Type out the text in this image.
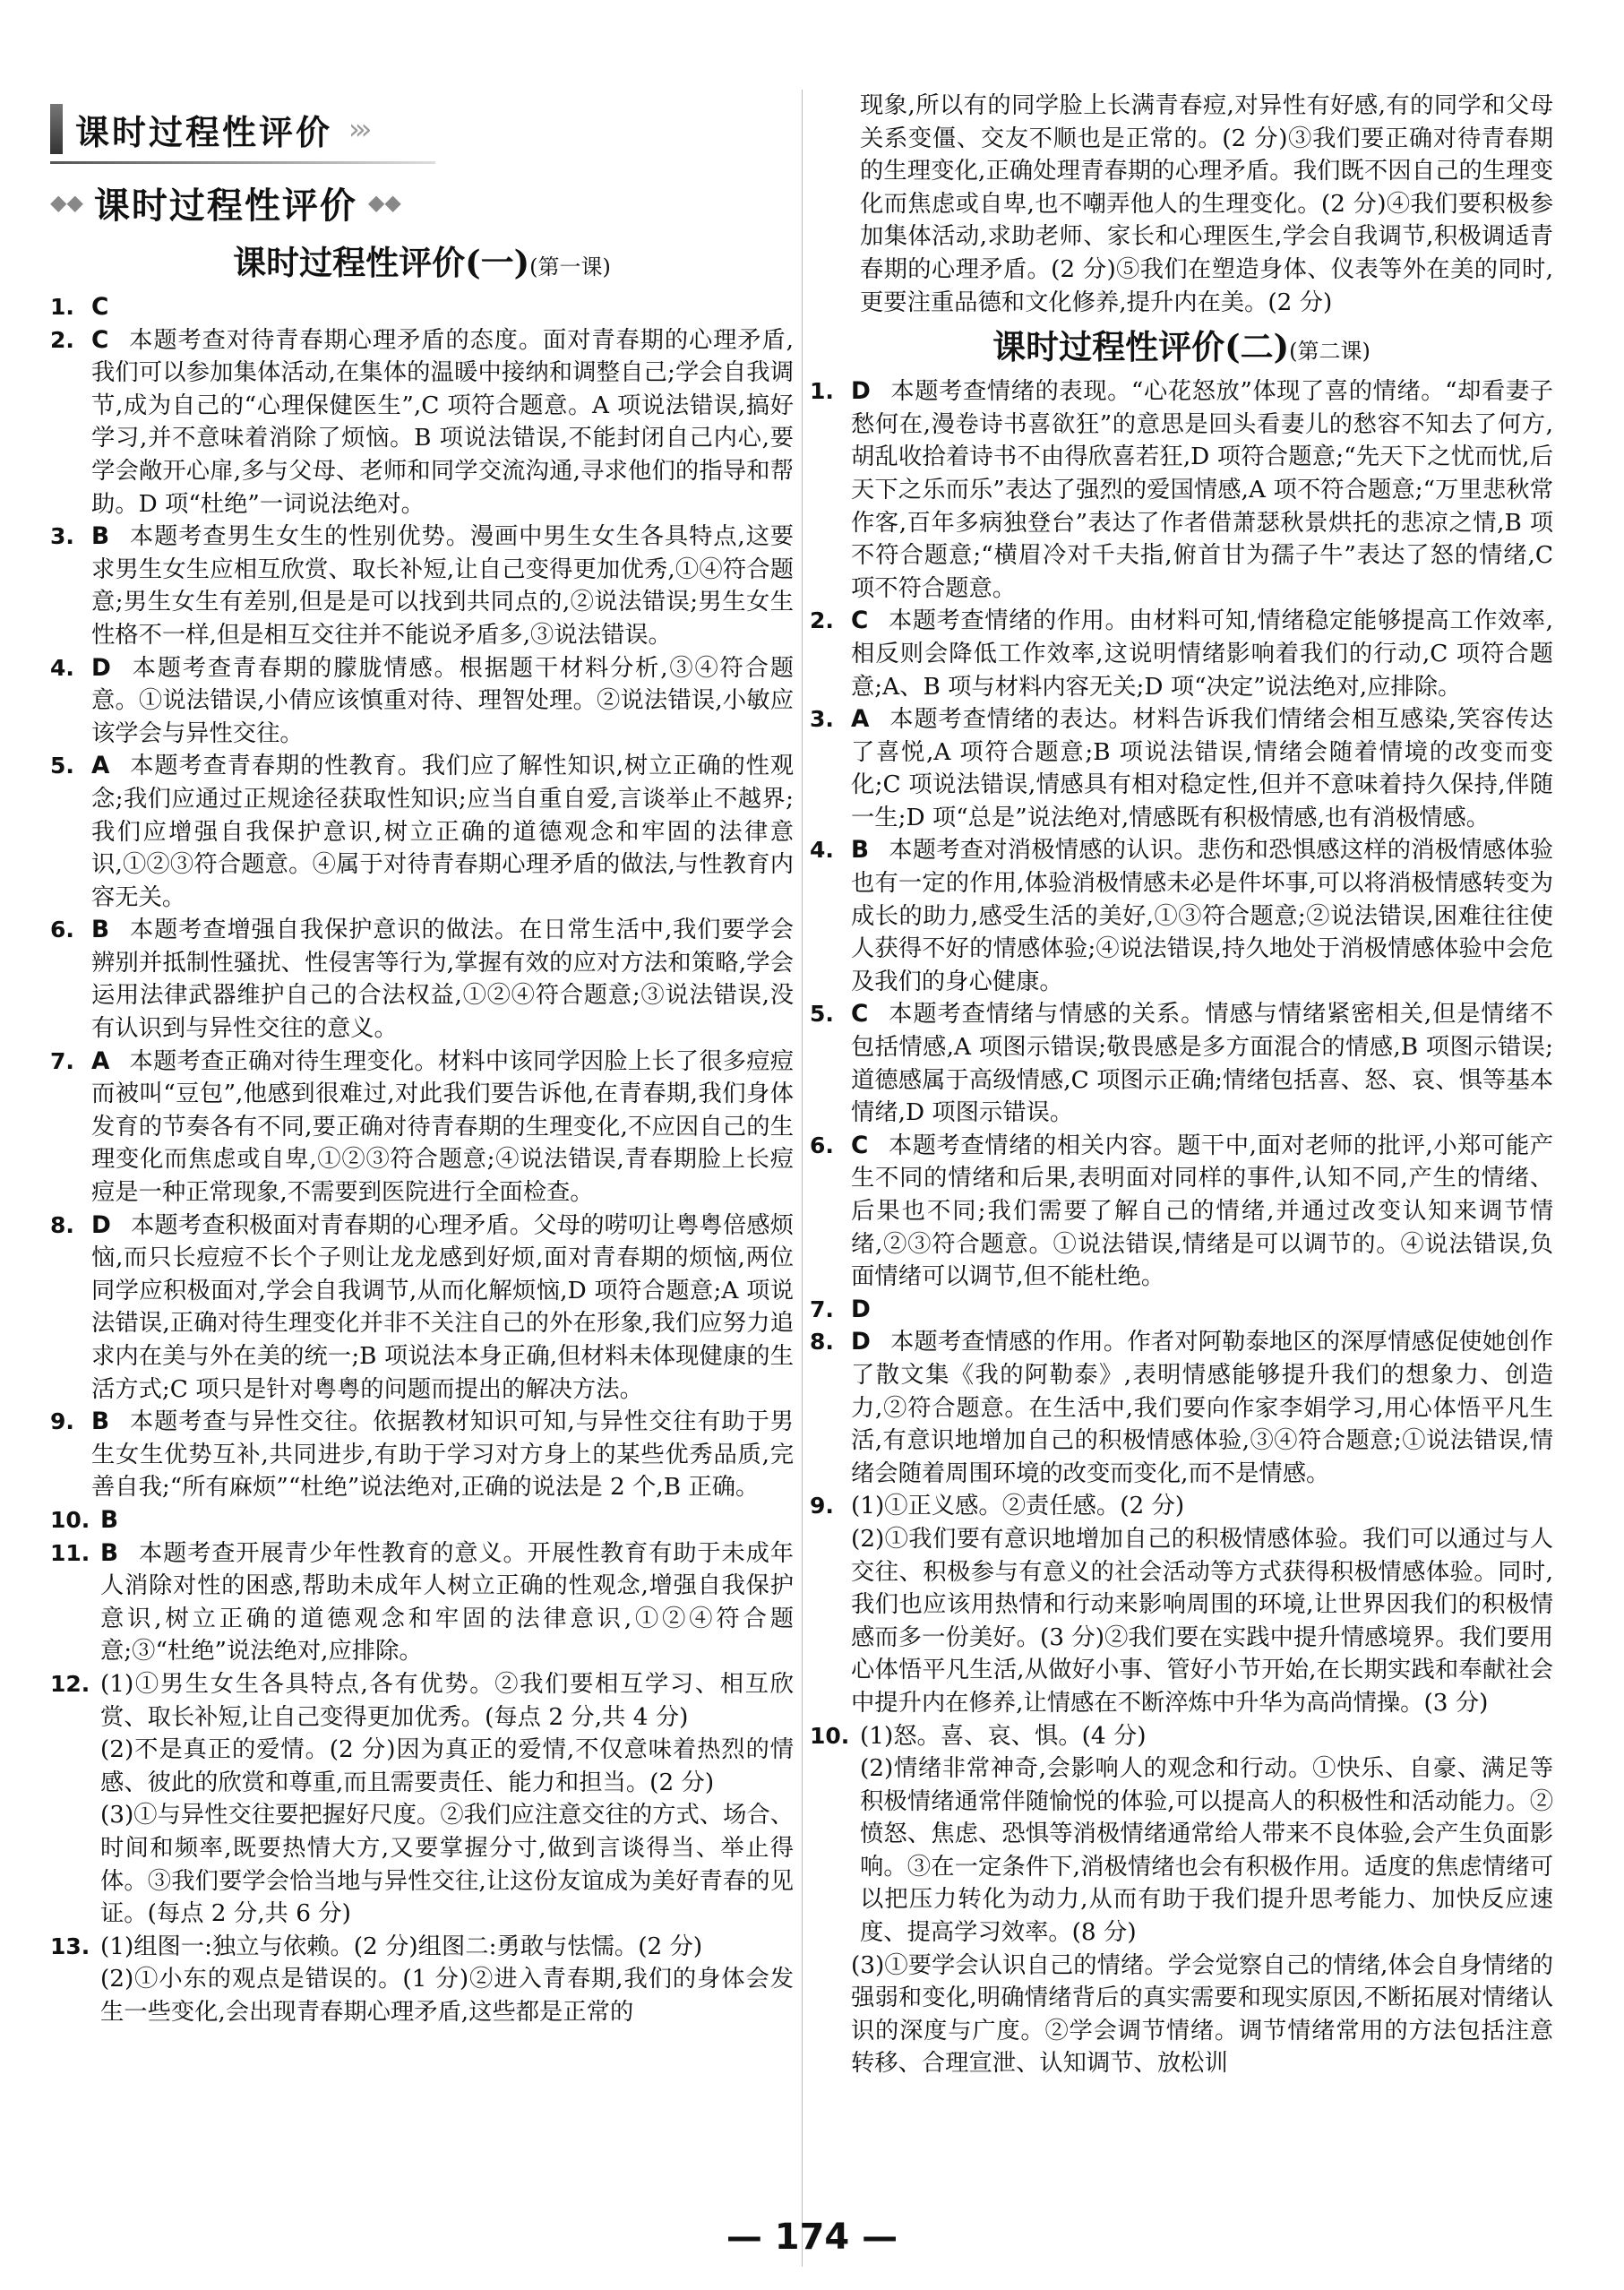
课时过程性评价 ›››
◆◆ 课时过程性评价 ◆◆
课时过程性评价(一)(第一课)
1. C
2. C 本题考查对待青春期心理矛盾的态度。面对青春期的心理矛盾,我们可以参加集体活动,在集体的温暖中接纳和调整自己;学会自我调节,成为自己的“心理保健医生”,C 项符合题意。A 项说法错误,搞好学习,并不意味着消除了烦恼。B 项说法错误,不能封闭自己内心,要学会敞开心扉,多与父母、老师和同学交流沟通,寻求他们的指导和帮助。D 项“杜绝”一词说法绝对。
3. B 本题考查男生女生的性别优势。漫画中男生女生各具特点,这要求男生女生应相互欣赏、取长补短,让自己变得更加优秀,①④符合题意;男生女生有差别,但是是可以找到共同点的,②说法错误;男生女生性格不一样,但是相互交往并不能说矛盾多,③说法错误。
4. D 本题考查青春期的朦胧情感。根据题干材料分析,③④符合题意。①说法错误,小倩应该慎重对待、理智处理。②说法错误,小敏应该学会与异性交往。
5. A 本题考查青春期的性教育。我们应了解性知识,树立正确的性观念;我们应通过正规途径获取性知识;应当自重自爱,言谈举止不越界;我们应增强自我保护意识,树立正确的道德观念和牢固的法律意识,①②③符合题意。④属于对待青春期心理矛盾的做法,与性教育内容无关。
6. B 本题考查增强自我保护意识的做法。在日常生活中,我们要学会辨别并抵制性骚扰、性侵害等行为,掌握有效的应对方法和策略,学会运用法律武器维护自己的合法权益,①②④符合题意;③说法错误,没有认识到与异性交往的意义。
7. A 本题考查正确对待生理变化。材料中该同学因脸上长了很多痘痘而被叫“豆包”,他感到很难过,对此我们要告诉他,在青春期,我们身体发育的节奏各有不同,要正确对待青春期的生理变化,不应因自己的生理变化而焦虑或自卑,①②③符合题意;④说法错误,青春期脸上长痘痘是一种正常现象,不需要到医院进行全面检查。
8. D 本题考查积极面对青春期的心理矛盾。父母的唠叨让粤粤倍感烦恼,而只长痘痘不长个子则让龙龙感到好烦,面对青春期的烦恼,两位同学应积极面对,学会自我调节,从而化解烦恼,D 项符合题意;A 项说法错误,正确对待生理变化并非不关注自己的外在形象,我们应努力追求内在美与外在美的统一;B 项说法本身正确,但材料未体现健康的生活方式;C 项只是针对粤粤的问题而提出的解决方法。
9. B 本题考查与异性交往。依据教材知识可知,与异性交往有助于男生女生优势互补,共同进步,有助于学习对方身上的某些优秀品质,完善自我;“所有麻烦”“杜绝”说法绝对,正确的说法是 2 个,B 正确。
10. B
11. B 本题考查开展青少年性教育的意义。开展性教育有助于未成年人消除对性的困惑,帮助未成年人树立正确的性观念,增强自我保护意识,树立正确的道德观念和牢固的法律意识,①②④符合题意;③“杜绝”说法绝对,应排除。
12. (1)①男生女生各具特点,各有优势。②我们要相互学习、相互欣赏、取长补短,让自己变得更加优秀。(每点 2 分,共 4 分)
(2)不是真正的爱情。(2 分)因为真正的爱情,不仅意味着热烈的情感、彼此的欣赏和尊重,而且需要责任、能力和担当。(2 分)
(3)①与异性交往要把握好尺度。②我们应注意交往的方式、场合、时间和频率,既要热情大方,又要掌握分寸,做到言谈得当、举止得体。③我们要学会恰当地与异性交往,让这份友谊成为美好青春的见证。(每点 2 分,共 6 分)
13. (1)组图一:独立与依赖。(2 分)组图二:勇敢与怯懦。(2 分)
(2)①小东的观点是错误的。(1 分)②进入青春期,我们的身体会发生一些变化,会出现青春期心理矛盾,这些都是正常的
现象,所以有的同学脸上长满青春痘,对异性有好感,有的同学和父母关系变僵、交友不顺也是正常的。(2 分)③我们要正确对待青春期的生理变化,正确处理青春期的心理矛盾。我们既不因自己的生理变化而焦虑或自卑,也不嘲弄他人的生理变化。(2 分)④我们要积极参加集体活动,求助老师、家长和心理医生,学会自我调节,积极调适青春期的心理矛盾。(2 分)⑤我们在塑造身体、仪表等外在美的同时,更要注重品德和文化修养,提升内在美。(2 分)
课时过程性评价(二)(第二课)
1. D 本题考查情绪的表现。“心花怒放”体现了喜的情绪。“却看妻子愁何在,漫卷诗书喜欲狂”的意思是回头看妻儿的愁容不知去了何方,胡乱收拾着诗书不由得欣喜若狂,D 项符合题意;“先天下之忧而忧,后天下之乐而乐”表达了强烈的爱国情感,A 项不符合题意;“万里悲秋常作客,百年多病独登台”表达了作者借萧瑟秋景烘托的悲凉之情,B 项不符合题意;“横眉冷对千夫指,俯首甘为孺子牛”表达了怒的情绪,C 项不符合题意。
2. C 本题考查情绪的作用。由材料可知,情绪稳定能够提高工作效率,相反则会降低工作效率,这说明情绪影响着我们的行动,C 项符合题意;A、B 项与材料内容无关;D 项“决定”说法绝对,应排除。
3. A 本题考查情绪的表达。材料告诉我们情绪会相互感染,笑容传达了喜悦,A 项符合题意;B 项说法错误,情绪会随着情境的改变而变化;C 项说法错误,情感具有相对稳定性,但并不意味着持久保持,伴随一生;D 项“总是”说法绝对,情感既有积极情感,也有消极情感。
4. B 本题考查对消极情感的认识。悲伤和恐惧感这样的消极情感体验也有一定的作用,体验消极情感未必是件坏事,可以将消极情感转变为成长的助力,感受生活的美好,①③符合题意;②说法错误,困难往往使人获得不好的情感体验;④说法错误,持久地处于消极情感体验中会危及我们的身心健康。
5. C 本题考查情绪与情感的关系。情感与情绪紧密相关,但是情绪不包括情感,A 项图示错误;敬畏感是多方面混合的情感,B 项图示错误;道德感属于高级情感,C 项图示正确;情绪包括喜、怒、哀、惧等基本情绪,D 项图示错误。
6. C 本题考查情绪的相关内容。题干中,面对老师的批评,小郑可能产生不同的情绪和后果,表明面对同样的事件,认知不同,产生的情绪、后果也不同;我们需要了解自己的情绪,并通过改变认知来调节情绪,②③符合题意。①说法错误,情绪是可以调节的。④说法错误,负面情绪可以调节,但不能杜绝。
7. D
8. D 本题考查情感的作用。作者对阿勒泰地区的深厚情感促使她创作了散文集《我的阿勒泰》,表明情感能够提升我们的想象力、创造力,②符合题意。在生活中,我们要向作家李娟学习,用心体悟平凡生活,有意识地增加自己的积极情感体验,③④符合题意;①说法错误,情绪会随着周围环境的改变而变化,而不是情感。
9. (1)①正义感。②责任感。(2 分)
(2)①我们要有意识地增加自己的积极情感体验。我们可以通过与人交往、积极参与有意义的社会活动等方式获得积极情感体验。同时,我们也应该用热情和行动来影响周围的环境,让世界因我们的积极情感而多一份美好。(3 分)②我们要在实践中提升情感境界。我们要用心体悟平凡生活,从做好小事、管好小节开始,在长期实践和奉献社会中提升内在修养,让情感在不断淬炼中升华为高尚情操。(3 分)
10. (1)怒。喜、哀、惧。(4 分)
(2)情绪非常神奇,会影响人的观念和行动。①快乐、自豪、满足等积极情绪通常伴随愉悦的体验,可以提高人的积极性和活动能力。②愤怒、焦虑、恐惧等消极情绪通常给人带来不良体验,会产生负面影响。③在一定条件下,消极情绪也会有积极作用。适度的焦虑情绪可以把压力转化为动力,从而有助于我们提升思考能力、加快反应速度、提高学习效率。(8 分)
(3)①要学会认识自己的情绪。学会觉察自己的情绪,体会自身情绪的强弱和变化,明确情绪背后的真实需要和现实原因,不断拓展对情绪认识的深度与广度。②学会调节情绪。调节情绪常用的方法包括注意转移、合理宣泄、认知调节、放松训
— 174 —
